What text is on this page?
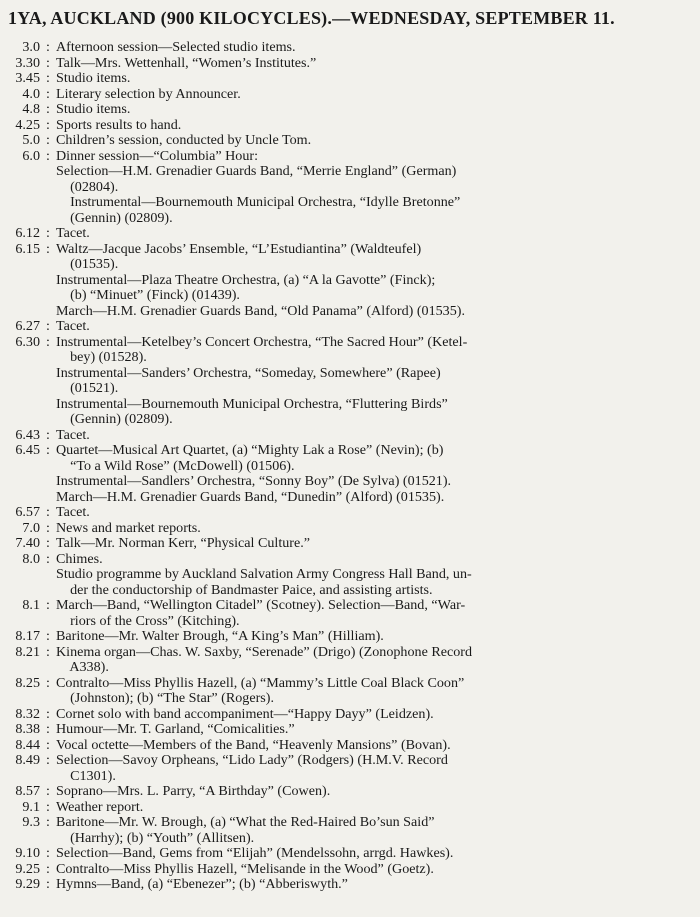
1YA, AUCKLAND (900 KILOCYCLES).—WEDNESDAY, SEPTEMBER 11.
3.0 : Afternoon session—Selected studio items.
3.30 : Talk—Mrs. Wettenhall, “Women’s Institutes.”
3.45 : Studio items.
4.0 : Literary selection by Announcer.
4.8 : Studio items.
4.25 : Sports results to hand.
5.0 : Children’s session, conducted by Uncle Tom.
6.0 : Dinner session—“Columbia” Hour:
Selection—H.M. Grenadier Guards Band, “Merrie England” (German)
(02804).
Instrumental—Bournemouth Municipal Orchestra, “Idylle Bretonne”
(Gennin) (02809).
6.12 : Tacet.
6.15 : Waltz—Jacque Jacobs’ Ensemble, “L’Estudiantina” (Waldteufel)
(01535).
Instrumental—Plaza Theatre Orchestra, (a) “A la Gavotte” (Finck);
(b) “Minuet” (Finck) (01439).
March—H.M. Grenadier Guards Band, “Old Panama” (Alford) (01535).
6.27 : Tacet.
6.30 : Instrumental—Ketelbey’s Concert Orchestra, “The Sacred Hour” (Ketel-
bey) (01528).
Instrumental—Sanders’ Orchestra, “Someday, Somewhere” (Rapee)
(01521).
Instrumental—Bournemouth Municipal Orchestra, “Fluttering Birds”
(Gennin) (02809).
6.43 : Tacet.
6.45 : Quartet—Musical Art Quartet, (a) “Mighty Lak a Rose” (Nevin); (b)
“To a Wild Rose” (McDowell) (01506).
Instrumental—Sandlers’ Orchestra, “Sonny Boy” (De Sylva) (01521).
March—H.M. Grenadier Guards Band, “Dunedin” (Alford) (01535).
6.57 : Tacet.
7.0 : News and market reports.
7.40 : Talk—Mr. Norman Kerr, “Physical Culture.”
8.0 : Chimes.
Studio programme by Auckland Salvation Army Congress Hall Band, un-
der the conductorship of Bandmaster Paice, and assisting artists.
8.1 : March—Band, “Wellington Citadel” (Scotney). Selection—Band, “War-
riors of the Cross” (Kitching).
8.17 : Baritone—Mr. Walter Brough, “A King’s Man” (Hilliam).
8.21 : Kinema organ—Chas. W. Saxby, “Serenade” (Drigo) (Zonophone Record
A338).
8.25 : Contralto—Miss Phyllis Hazell, (a) “Mammy’s Little Coal Black Coon”
(Johnston); (b) “The Star” (Rogers).
8.32 : Cornet solo with band accompaniment—“Happy Dayy” (Leidzen).
8.38 : Humour—Mr. T. Garland, “Comicalities.”
8.44 : Vocal octette—Members of the Band, “Heavenly Mansions” (Bovan).
8.49 : Selection—Savoy Orpheans, “Lido Lady” (Rodgers) (H.M.V. Record
C1301).
8.57 : Soprano—Mrs. L. Parry, “A Birthday” (Cowen).
9.1 : Weather report.
9.3 : Baritone—Mr. W. Brough, (a) “What the Red-Haired Bo’sun Said”
(Harrhy); (b) “Youth” (Allitsen).
9.10 : Selection—Band, Gems from “Elijah” (Mendelssohn, arrgd. Hawkes).
9.25 : Contralto—Miss Phyllis Hazell, “Melisande in the Wood” (Goetz).
9.29 : Hymns—Band, (a) “Ebenezer”; (b) “Abberiswyth.”
